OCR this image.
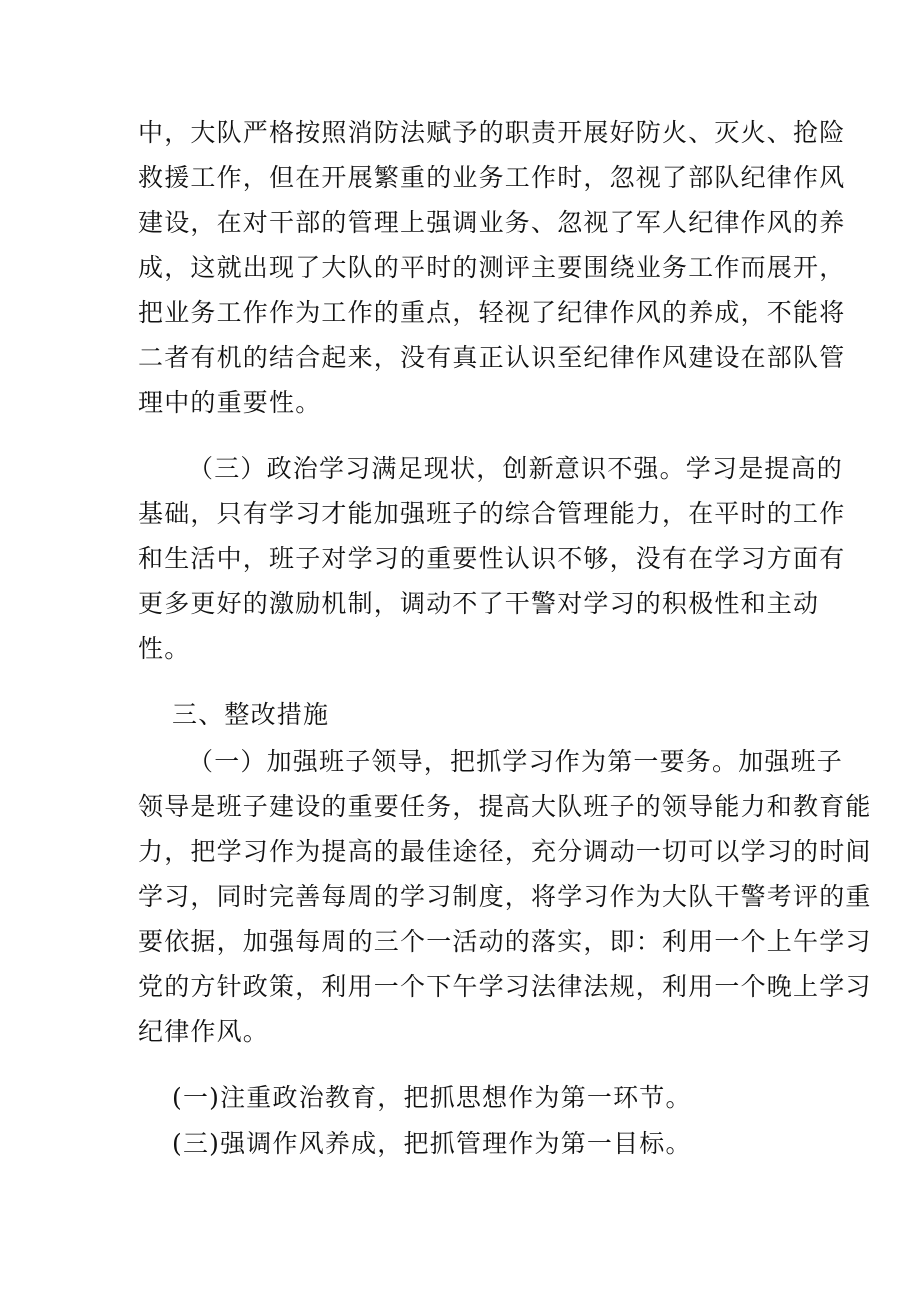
中，大队严格按照消防法赋予的职责开展好防火、灭火、抢险
救援工作，但在开展繁重的业务工作时，忽视了部队纪律作风
建设，在对干部的管理上强调业务、忽视了军人纪律作风的养
成，这就出现了大队的平时的测评主要围绕业务工作而展开，
把业务工作作为工作的重点，轻视了纪律作风的养成，不能将
二者有机的结合起来，没有真正认识至纪律作风建设在部队管
理中的重要性。
（三）政治学习满足现状，创新意识不强。学习是提高的
基础，只有学习才能加强班子的综合管理能力，在平时的工作
和生活中，班子对学习的重要性认识不够，没有在学习方面有
更多更好的激励机制，调动不了干警对学习的积极性和主动
性。
三、整改措施
（一）加强班子领导，把抓学习作为第一要务。加强班子
领导是班子建设的重要任务，提高大队班子的领导能力和教育能
力，把学习作为提高的最佳途径，充分调动一切可以学习的时间
学习，同时完善每周的学习制度，将学习作为大队干警考评的重
要依据，加强每周的三个一活动的落实，即：利用一个上午学习
党的方针政策，利用一个下午学习法律法规，利用一个晚上学习
纪律作风。
(一)注重政治教育，把抓思想作为第一环节。
(三)强调作风养成，把抓管理作为第一目标。
